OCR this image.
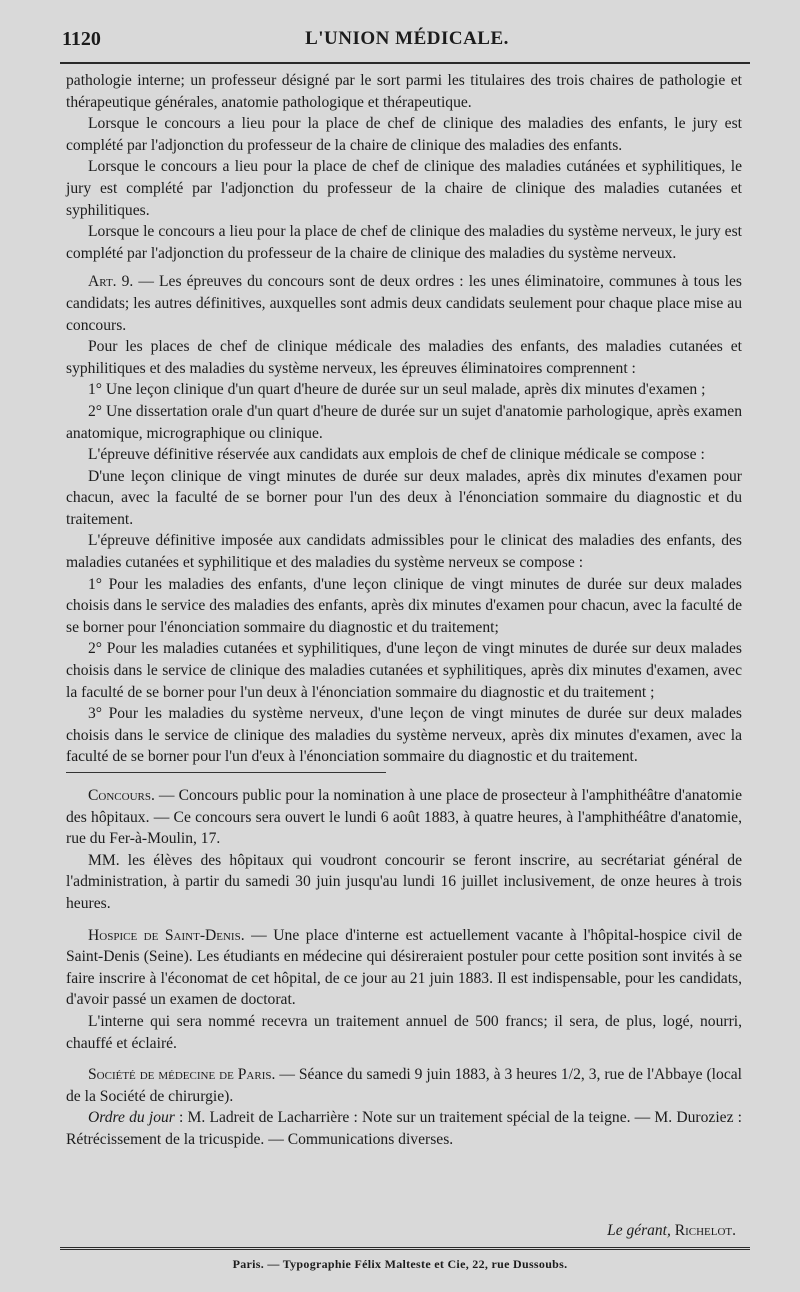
1120	L'UNION MÉDICALE.

pathologie interne; un professeur désigné par le sort parmi les titulaires des trois chaires de pathologie et thérapeutique générales, anatomie pathologique et thérapeutique.

Lorsque le concours a lieu pour la place de chef de clinique des maladies des enfants, le jury est complété par l'adjonction du professeur de la chaire de clinique des maladies des enfants.

Lorsque le concours a lieu pour la place de chef de clinique des maladies cutánées et syphilitiques, le jury est complété par l'adjonction du professeur de la chaire de clinique des maladies cutanées et syphilitiques.

Lorsque le concours a lieu pour la place de chef de clinique des maladies du système nerveux, le jury est complété par l'adjonction du professeur de la chaire de clinique des maladies du système nerveux.

Art. 9. — Les épreuves du concours sont de deux ordres : les unes éliminatoire, communes à tous les candidats; les autres définitives, auxquelles sont admis deux candidats seulement pour chaque place mise au concours.

Pour les places de chef de clinique médicale des maladies des enfants, des maladies cutanées et syphilitiques et des maladies du système nerveux, les épreuves éliminatoires comprennent :

1° Une leçon clinique d'un quart d'heure de durée sur un seul malade, après dix minutes d'examen ;

2° Une dissertation orale d'un quart d'heure de durée sur un sujet d'anatomie parhologique, après examen anatomique, micrographique ou clinique.

L'épreuve définitive réservée aux candidats aux emplois de chef de clinique médicale se compose :

D'une leçon clinique de vingt minutes de durée sur deux malades, après dix minutes d'examen pour chacun, avec la faculté de se borner pour l'un des deux à l'énonciation sommaire du diagnostic et du traitement.

L'épreuve définitive imposée aux candidats admissibles pour le clinicat des maladies des enfants, des maladies cutanées et syphilitique et des maladies du système nerveux se compose :

1° Pour les maladies des enfants, d'une leçon clinique de vingt minutes de durée sur deux malades choisis dans le service des maladies des enfants, après dix minutes d'examen pour chacun, avec la faculté de se borner pour l'énonciation sommaire du diagnostic et du traitement;

2° Pour les maladies cutanées et syphilitiques, d'une leçon de vingt minutes de durée sur deux malades choisis dans le service de clinique des maladies cutanées et syphilitiques, après dix minutes d'examen, avec la faculté de se borner pour l'un deux à l'énonciation sommaire du diagnostic et du traitement ;

3° Pour les maladies du système nerveux, d'une leçon de vingt minutes de durée sur deux malades choisis dans le service de clinique des maladies du système nerveux, après dix minutes d'examen, avec la faculté de se borner pour l'un d'eux à l'énonciation sommaire du diagnostic et du traitement.

Concours. — Concours public pour la nomination à une place de prosecteur à l'amphithéâtre d'anatomie des hôpitaux. — Ce concours sera ouvert le lundi 6 août 1883, à quatre heures, à l'amphithéâtre d'anatomie, rue du Fer-à-Moulin, 17.

MM. les élèves des hôpitaux qui voudront concourir se feront inscrire, au secrétariat général de l'administration, à partir du samedi 30 juin jusqu'au lundi 16 juillet inclusivement, de onze heures à trois heures.

Hospice de Saint-Denis. — Une place d'interne est actuellement vacante à l'hôpital-hospice civil de Saint-Denis (Seine). Les étudiants en médecine qui désireraient postuler pour cette position sont invités à se faire inscrire à l'économat de cet hôpital, de ce jour au 21 juin 1883. Il est indispensable, pour les candidats, d'avoir passé un examen de doctorat.

L'interne qui sera nommé recevra un traitement annuel de 500 francs; il sera, de plus, logé, nourri, chauffé et éclairé.

Société de médecine de Paris. — Séance du samedi 9 juin 1883, à 3 heures 1/2, 3, rue de l'Abbaye (local de la Société de chirurgie).

Ordre du jour : M. Ladreit de Lacharrière : Note sur un traitement spécial de la teigne. — M. Duroziez : Rétrécissement de la tricuspide. — Communications diverses.

Le gérant, Richelot.
Paris. — Typographie Félix Malteste et Cie, 22, rue Dussoubs.
